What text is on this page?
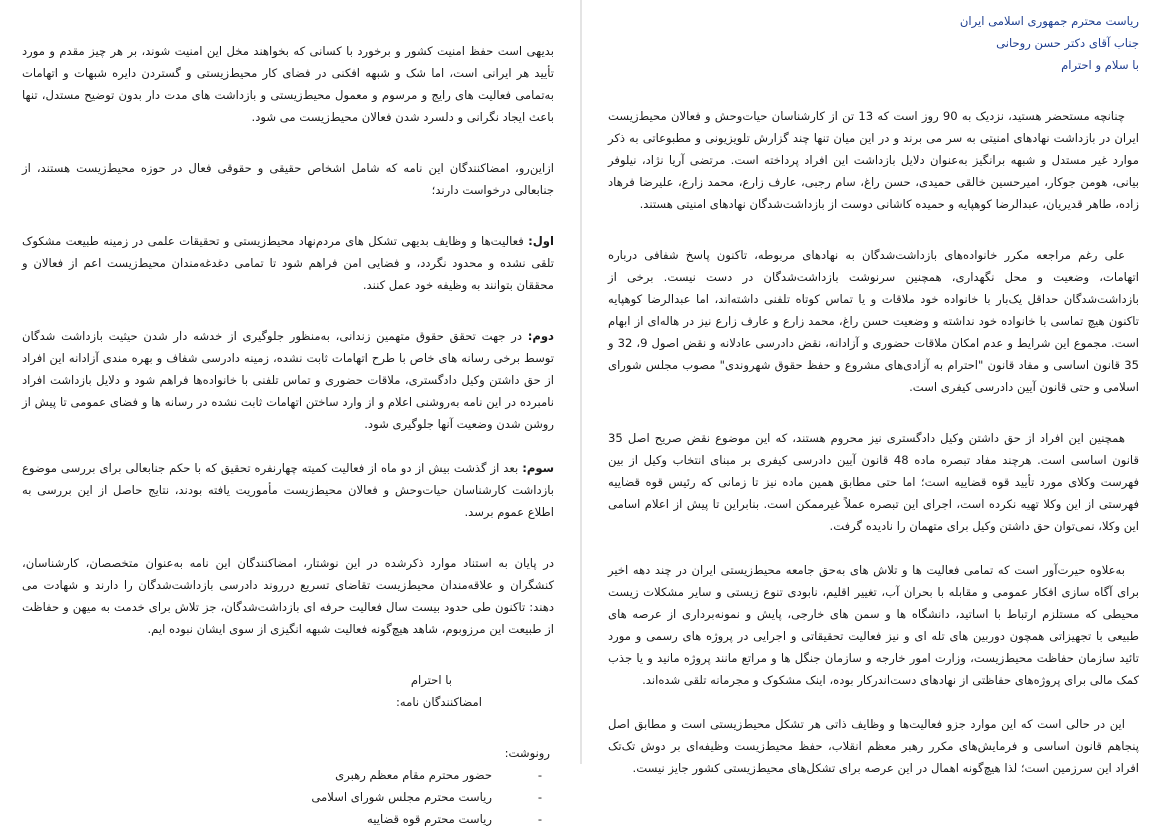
ریاست محترم جمهوری اسلامی ایران

جناب آقای دکتر حسن روحانی

با سلام و احترام

چنانچه مستحضر هستید، نزدیک به 90 روز است که 13 تن از کارشناسان حیات‌وحش و فعالان محیط‌زیست ایران در بازداشت نهادهای امنیتی به سر می برند و در این میان تنها چند گزارش تلویزیونی و مطبوعاتی به ذکر موارد غیر مستدل و شبهه برانگیز به‌عنوان دلایل بازداشت این افراد پرداخته است. مرتضی آریا نژاد، نیلوفر بیانی، هومن جوکار، امیرحسین خالقی حمیدی، حسن راغ، سام رجبی، عارف زارع، محمد زارع، علیرضا فرهاد زاده، طاهر قدیریان، عبدالرضا کوهپایه و حمیده کاشانی دوست از بازداشت‌شدگان نهادهای امنیتی هستند.

علی رغم مراجعه مکرر خانواده‌های بازداشت‌شدگان به نهادهای مربوطه، تاکنون پاسخ شفافی درباره اتهامات، وضعیت و محل نگهداری، همچنین سرنوشت بازداشت‌شدگان در دست نیست. برخی از بازداشت‌شدگان حداقل یک‌بار با خانواده خود ملاقات و یا تماس کوتاه تلفنی داشته‌اند، اما عبدالرضا کوهپایه تاکنون هیچ تماسی با خانواده خود نداشته و وضعیت حسن راغ، محمد زارع و عارف زارع نیز در هاله‌ای از ابهام است. مجموع این شرایط و عدم امکان ملاقات حضوری و آزادانه، نقض دادرسی عادلانه و نقض اصول 9، 32 و 35 قانون اساسی و مفاد قانون "احترام به آزادی‌های مشروع و حفظ حقوق شهروندی" مصوب مجلس شورای اسلامی و حتی قانون آیین دادرسی کیفری است.

همچنین این افراد از حق داشتن وکیل دادگستری نیز محروم هستند، که این موضوع نقض صریح اصل 35 قانون اساسی است. هرچند مفاد تبصره ماده 48 قانون آیین دادرسی کیفری بر مبنای انتخاب وکیل از بین فهرست وکلای مورد تأیید قوه قضاییه است؛ اما حتی مطابق همین ماده نیز تا زمانی که رئیس قوه قضاییه فهرستی از این وکلا تهیه نکرده است، اجرای این تبصره عملاً غیرممکن است. بنابراین تا پیش از اعلام اسامی این وکلا، نمی‌توان حق داشتن وکیل برای متهمان را نادیده گرفت.

به‌علاوه حیرت‌آور است که تمامی فعالیت ها و تلاش های به‌حق جامعه محیط‌زیستی ایران در چند دهه اخیر برای آگاه سازی افکار عمومی و مقابله با بحران آب، تغییر اقلیم، نابودی تنوع زیستی و سایر مشکلات زیست محیطی که مستلزم ارتباط با اساتید، دانشگاه ها و سمن های خارجی، پایش و نمونه‌برداری از عرصه های طبیعی با تجهیزاتی همچون دوربین های تله ای و نیز فعالیت تحقیقاتی و اجرایی در پروژه های رسمی و مورد تائید سازمان حفاظت محیط‌زیست، وزارت امور خارجه و سازمان جنگل ها و مراتع مانند پروژه مانید و یا جذب کمک مالی برای پروژه‌های حفاظتی از نهادهای دست‌اندرکار بوده، اینک مشکوک و مجرمانه تلقی شده‌اند.

این در حالی است که این موارد جزو فعالیت‌ها و وظایف ذاتی هر تشکل محیط‌زیستی است و مطابق اصل پنجاهم قانون اساسی و فرمایش‌های مکرر رهبر معظم انقلاب، حفظ محیط‌زیست وظیفه‌ای بر دوش تک‌تک افراد این سرزمین است؛ لذا هیچ‌گونه اهمال در این عرصه برای تشکل‌های محیط‌زیستی کشور جایز نیست.

بدیهی است حفظ امنیت کشور و برخورد با کسانی که بخواهند مخل این امنیت شوند، بر هر چیز مقدم و مورد تأیید هر ایرانی است، اما شک و شبهه افکنی در فضای کار محیط‌زیستی و گستردن دایره شبهات و اتهامات به‌تمامی فعالیت های رایج و مرسوم و معمول محیط‌زیستی و بازداشت های مدت دار بدون توضیح مستدل، تنها باعث ایجاد نگرانی و دلسرد شدن فعالان محیط‌زیست می شود.

ازاین‌رو، امضاکنندگان این نامه که شامل اشخاص حقیقی و حقوقی فعال در حوزه محیط‌زیست هستند، از جنابعالی درخواست دارند؛

اول: فعالیت‌ها و وظایف بدیهی تشکل های مردم‌نهاد محیط‌زیستی و تحقیقات علمی در زمینه طبیعت مشکوک تلقی نشده و محدود نگردد، و فضایی امن فراهم شود تا تمامی دغدغه‌مندان محیط‌زیست اعم از فعالان و محققان بتوانند به وظیفه خود عمل کنند.

دوم: در جهت تحقق حقوق متهمین زندانی، به‌منظور جلوگیری از خدشه دار شدن حیثیت بازداشت شدگان توسط برخی رسانه های خاص با طرح اتهامات ثابت نشده، زمینه دادرسی شفاف و بهره مندی آزادانه این افراد از حق داشتن وکیل دادگستری، ملاقات حضوری و تماس تلفنی با خانواده‌ها فراهم شود و دلایل بازداشت افراد نامبرده در این نامه به‌روشنی اعلام و از وارد ساختن اتهامات ثابت نشده در رسانه ها و فضای عمومی تا پیش از روشن شدن وضعیت آنها جلوگیری شود.

سوم: بعد از گذشت بیش از دو ماه از فعالیت کمیته چهارنفره تحقیق که با حکم جنابعالی برای بررسی موضوع بازداشت کارشناسان حیات‌وحش و فعالان محیط‌زیست مأموریت یافته بودند، نتایج حاصل از این بررسی به اطلاع عموم برسد.

در پایان به استناد موارد ذکرشده در این نوشتار، امضاکنندگان این نامه به‌عنوان متخصصان، کارشناسان، کنشگران و علاقه‌مندان محیط‌زیست تقاضای تسریع درروند دادرسی بازداشت‌شدگان را دارند و شهادت می دهند: تاکنون طی حدود بیست سال فعالیت حرفه ای بازداشت‌شدگان، جز تلاش برای خدمت به میهن و حفاظت از طبیعت این مرزوبوم، شاهد هیچ‌گونه فعالیت شبهه انگیزی از سوی ایشان نبوده ایم.

با احترام

امضاکنندگان نامه:

رونوشت:

- حضور محترم مقام معظم رهبری
- ریاست محترم مجلس شورای اسلامی
- ریاست محترم قوه قضاییه
